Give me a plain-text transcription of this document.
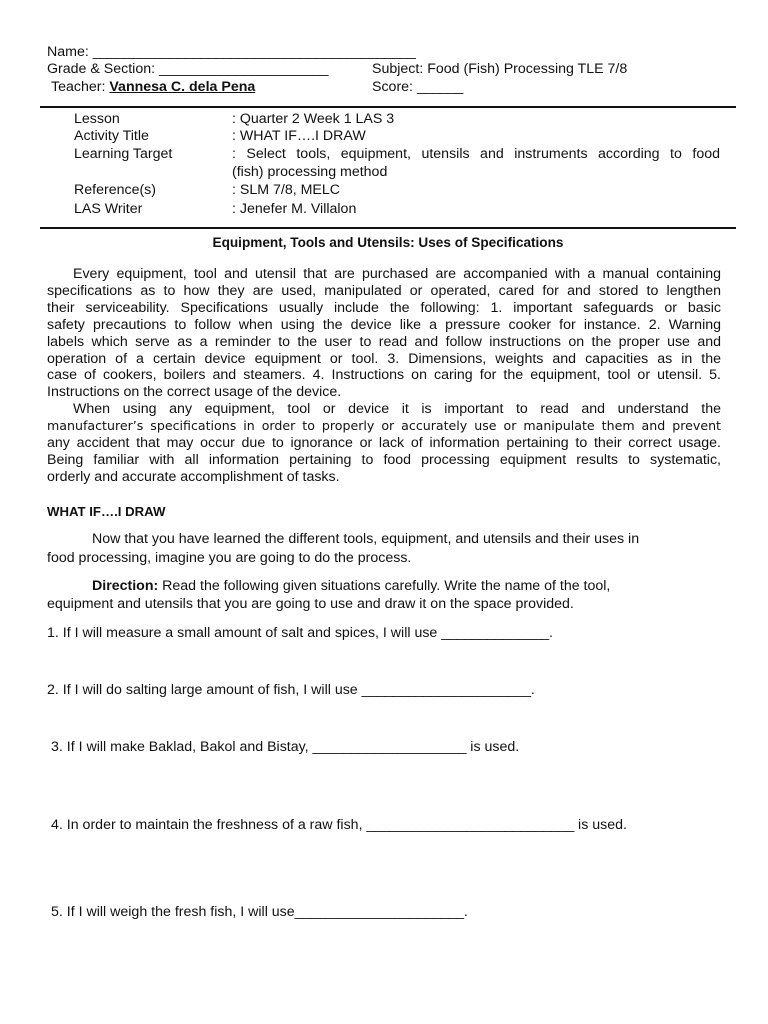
Name: __________________________________________
Grade & Section: ______________________	Subject: Food (Fish) Processing TLE 7/8
Teacher: Vannesa C. dela Pena	Score: ______
Lesson	: Quarter 2 Week 1 LAS 3
Activity Title	: WHAT IF….I DRAW
Learning Target	: Select tools, equipment, utensils and instruments according to food
(fish) processing method
Reference(s)	: SLM 7/8, MELC
LAS Writer	: Jenefer M. Villalon
Equipment, Tools and Utensils: Uses of Specifications
Every equipment, tool and utensil that are purchased are accompanied with a manual containing
specifications as to how they are used, manipulated or operated, cared for and stored to lengthen
their serviceability. Specifications usually include the following: 1. important safeguards or basic
safety precautions to follow when using the device like a pressure cooker for instance. 2. Warning
labels which serve as a reminder to the user to read and follow instructions on the proper use and
operation of a certain device equipment or tool. 3. Dimensions, weights and capacities as in the
case of cookers, boilers and steamers. 4. Instructions on caring for the equipment, tool or utensil. 5.
Instructions on the correct usage of the device.
When using any equipment, tool or device it is important to read and understand the
manufacturer’s specifications in order to properly or accurately use or manipulate them and prevent
any accident that may occur due to ignorance or lack of information pertaining to their correct usage.
Being familiar with all information pertaining to food processing equipment results to systematic,
orderly and accurate accomplishment of tasks.
WHAT IF….I DRAW
Now that you have learned the different tools, equipment, and utensils and their uses in
food processing, imagine you are going to do the process.
Direction: Read the following given situations carefully. Write the name of the tool,
equipment and utensils that you are going to use and draw it on the space provided.
1. If I will measure a small amount of salt and spices, I will use ______________.
2. If I will do salting large amount of fish, I will use ______________________.
3. If I will make Baklad, Bakol and Bistay, ____________________ is used.
4. In order to maintain the freshness of a raw fish, ___________________________ is used.
5. If I will weigh the fresh fish, I will use______________________.
